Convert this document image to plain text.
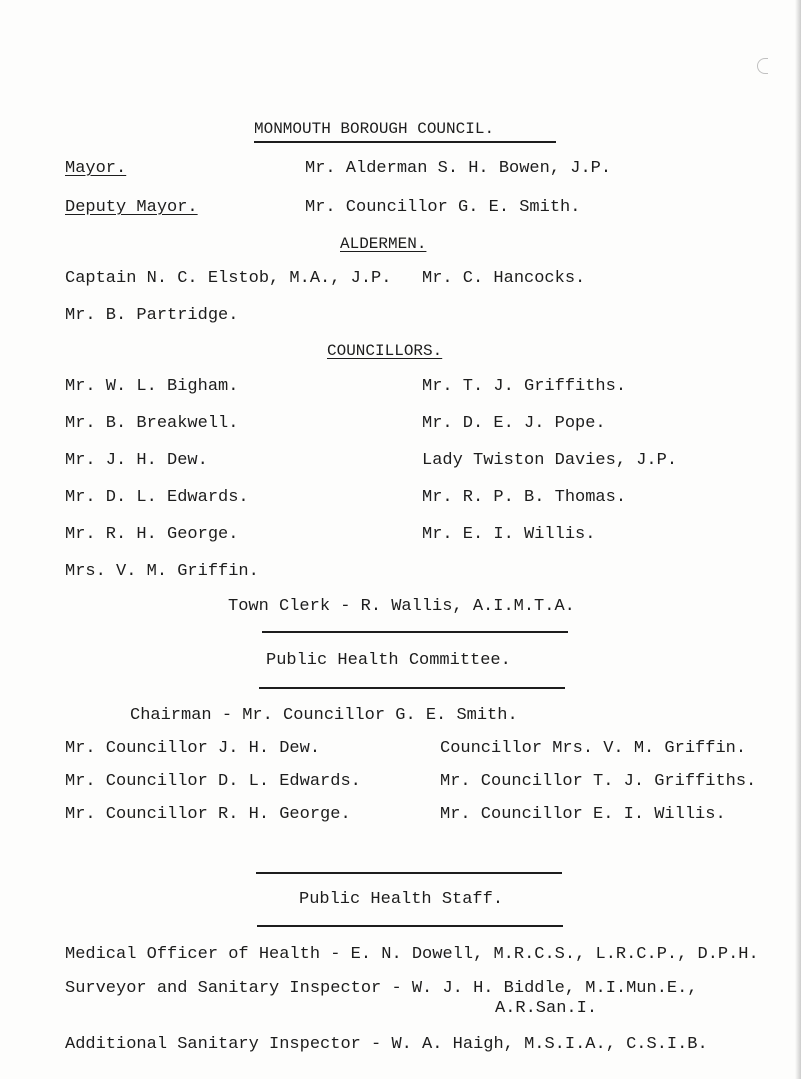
MONMOUTH BOROUGH COUNCIL.
Mayor.	Mr. Alderman S. H. Bowen, J.P.
Deputy Mayor.	Mr. Councillor G. E. Smith.
ALDERMEN.
Captain N. C. Elstob, M.A., J.P. Mr. C. Hancocks.
Mr. B. Partridge.
COUNCILLORS.
Mr. W. L. Bigham.
Mr. B. Breakwell.
Mr. J. H. Dew.
Mr. D. L. Edwards.
Mr. R. H. George.
Mrs. V. M. Griffin.
Mr. T. J. Griffiths.
Mr. D. E. J. Pope.
Lady Twiston Davies, J.P.
Mr. R. P. B. Thomas.
Mr. E. I. Willis.
Town Clerk - R. Wallis, A.I.M.T.A.
Public Health Committee.
Chairman - Mr. Councillor G. E. Smith.
Mr. Councillor J. H. Dew.
Mr. Councillor D. L. Edwards.
Mr. Councillor R. H. George.
Councillor Mrs. V. M. Griffin.
Mr. Councillor T. J. Griffiths.
Mr. Councillor E. I. Willis.
Public Health Staff.
Medical Officer of Health - E. N. Dowell, M.R.C.S., L.R.C.P., D.P.H.
Surveyor and Sanitary Inspector - W. J. H. Biddle, M.I.Mun.E.,
A.R.San.I.
Additional Sanitary Inspector - W. A. Haigh, M.S.I.A., C.S.I.B.
